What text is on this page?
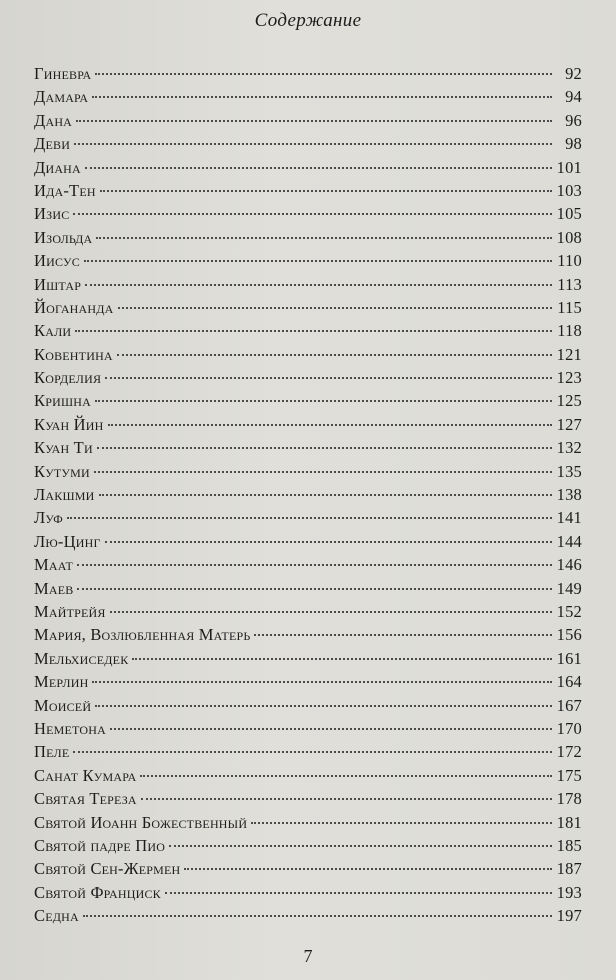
Содержание
Гиневра	92
Дамара	94
Дана	96
Деви	98
Диана	101
Ида-Тен	103
Изис	105
Изольда	108
Иисус	110
Иштар	113
Йогананда	115
Кали	118
Ковентина	121
Корделия	123
Кришна	125
Куан Йин	127
Куан Ти	132
Кутуми	135
Лакшми	138
Луф	141
Лю-Цинг	144
Маат	146
Маев	149
Майтрейя	152
Мария, Возлюбленная Матерь	156
Мельхиседек	161
Мерлин	164
Моисей	167
Неметона	170
Пеле	172
Санат Кумара	175
Святая Тереза	178
Святой Иоанн Божественный	181
Святой падре Пио	185
Святой Сен-Жермен	187
Святой Франциск	193
Седна	197
7
